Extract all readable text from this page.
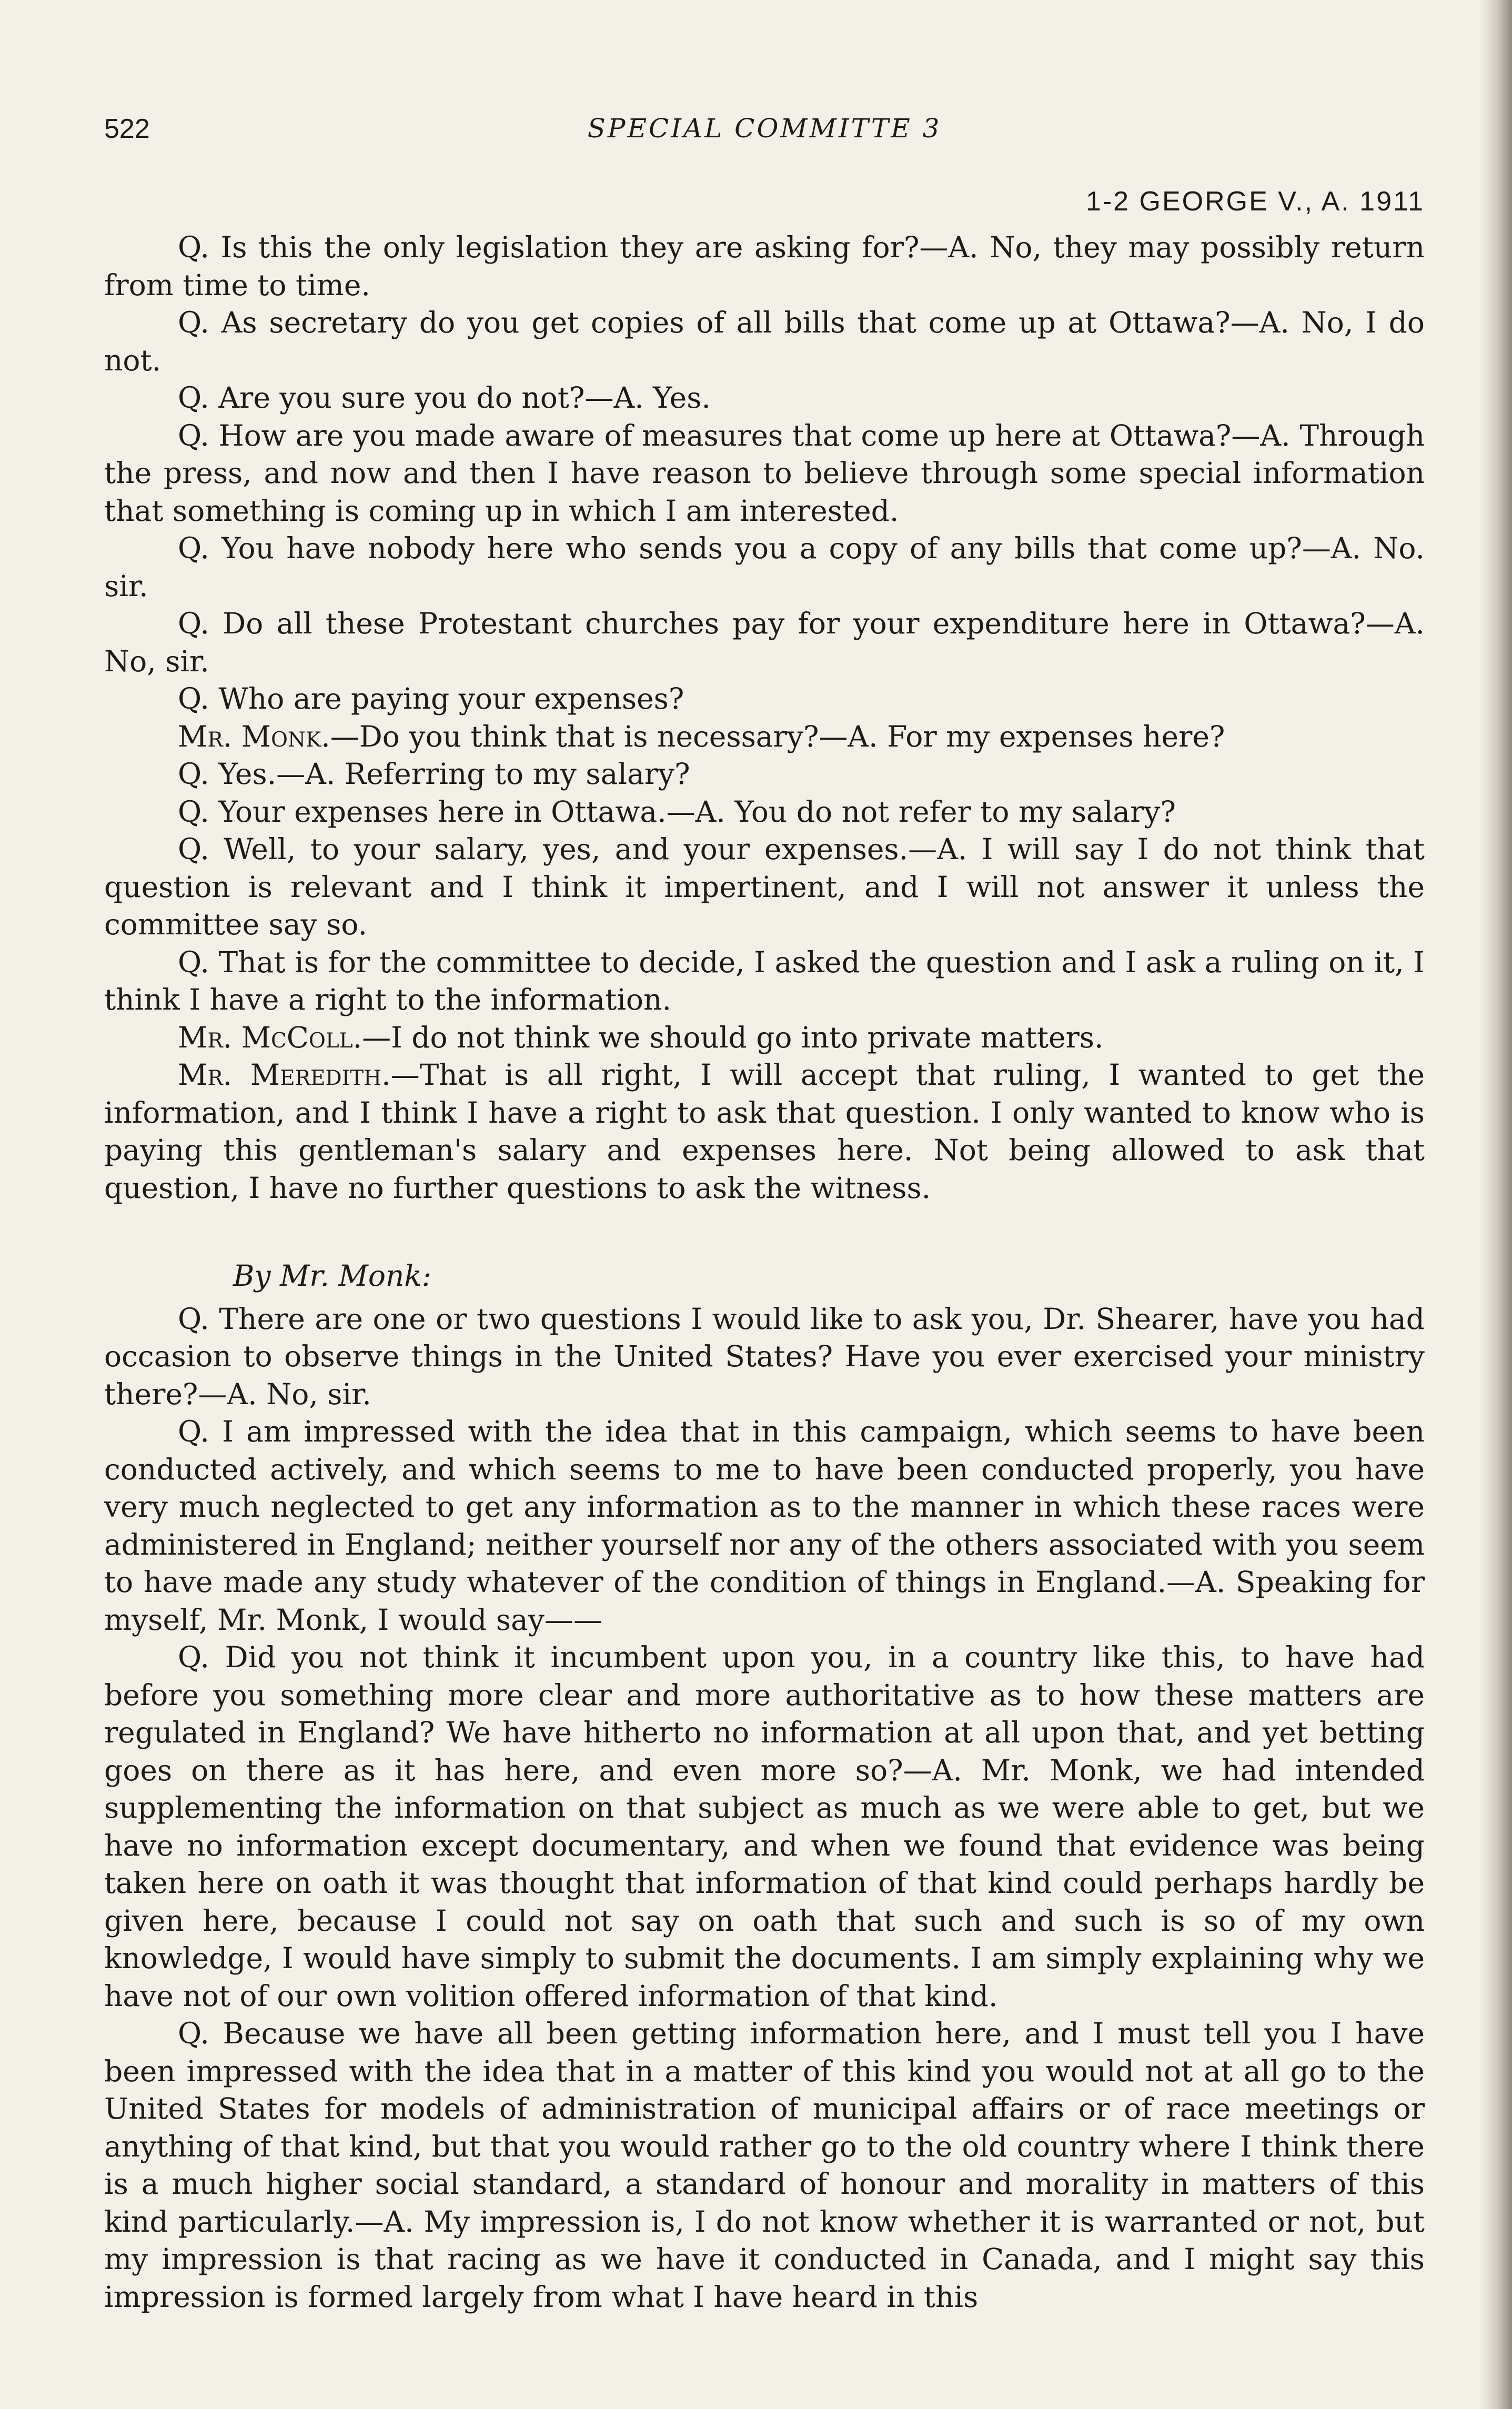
522	SPECIAL COMMITTE 3
1-2 GEORGE V., A. 1911

Q. Is this the only legislation they are asking for?—A. No, they may possibly return from time to time.

Q. As secretary do you get copies of all bills that come up at Ottawa?—A. No, I do not.

Q. Are you sure you do not?—A. Yes.

Q. How are you made aware of measures that come up here at Ottawa?—A. Through the press, and now and then I have reason to believe through some special information that something is coming up in which I am interested.

Q. You have nobody here who sends you a copy of any bills that come up?—A. No. sir.

Q. Do all these Protestant churches pay for your expenditure here in Ottawa?—A. No, sir.

Q. Who are paying your expenses?

Mr. Monk.—Do you think that is necessary?—A. For my expenses here?

Q. Yes.—A. Referring to my salary?

Q. Your expenses here in Ottawa.—A. You do not refer to my salary?

Q. Well, to your salary, yes, and your expenses.—A. I will say I do not think that question is relevant and I think it impertinent, and I will not answer it unless the committee say so.

Q. That is for the committee to decide, I asked the question and I ask a ruling on it, I think I have a right to the information.

Mr. McColl.—I do not think we should go into private matters.

Mr. Meredith.—That is all right, I will accept that ruling, I wanted to get the information, and I think I have a right to ask that question. I only wanted to know who is paying this gentleman's salary and expenses here. Not being allowed to ask that question, I have no further questions to ask the witness.

By Mr. Monk:

Q. There are one or two questions I would like to ask you, Dr. Shearer, have you had occasion to observe things in the United States? Have you ever exercised your ministry there?—A. No, sir.

Q. I am impressed with the idea that in this campaign, which seems to have been conducted actively, and which seems to me to have been conducted properly, you have very much neglected to get any information as to the manner in which these races were administered in England; neither yourself nor any of the others associated with you seem to have made any study whatever of the condition of things in England.—A. Speaking for myself, Mr. Monk, I would say——

Q. Did you not think it incumbent upon you, in a country like this, to have had before you something more clear and more authoritative as to how these matters are regulated in England? We have hitherto no information at all upon that, and yet betting goes on there as it has here, and even more so?—A. Mr. Monk, we had intended supplementing the information on that subject as much as we were able to get, but we have no information except documentary, and when we found that evidence was being taken here on oath it was thought that information of that kind could perhaps hardly be given here, because I could not say on oath that such and such is so of my own knowledge, I would have simply to submit the documents. I am simply explaining why we have not of our own volition offered information of that kind.

Q. Because we have all been getting information here, and I must tell you I have been impressed with the idea that in a matter of this kind you would not at all go to the United States for models of administration of municipal affairs or of race meetings or anything of that kind, but that you would rather go to the old country where I think there is a much higher social standard, a standard of honour and morality in matters of this kind particularly.—A. My impression is, I do not know whether it is warranted or not, but my impression is that racing as we have it conducted in Canada, and I might say this impression is formed largely from what I have heard in this
